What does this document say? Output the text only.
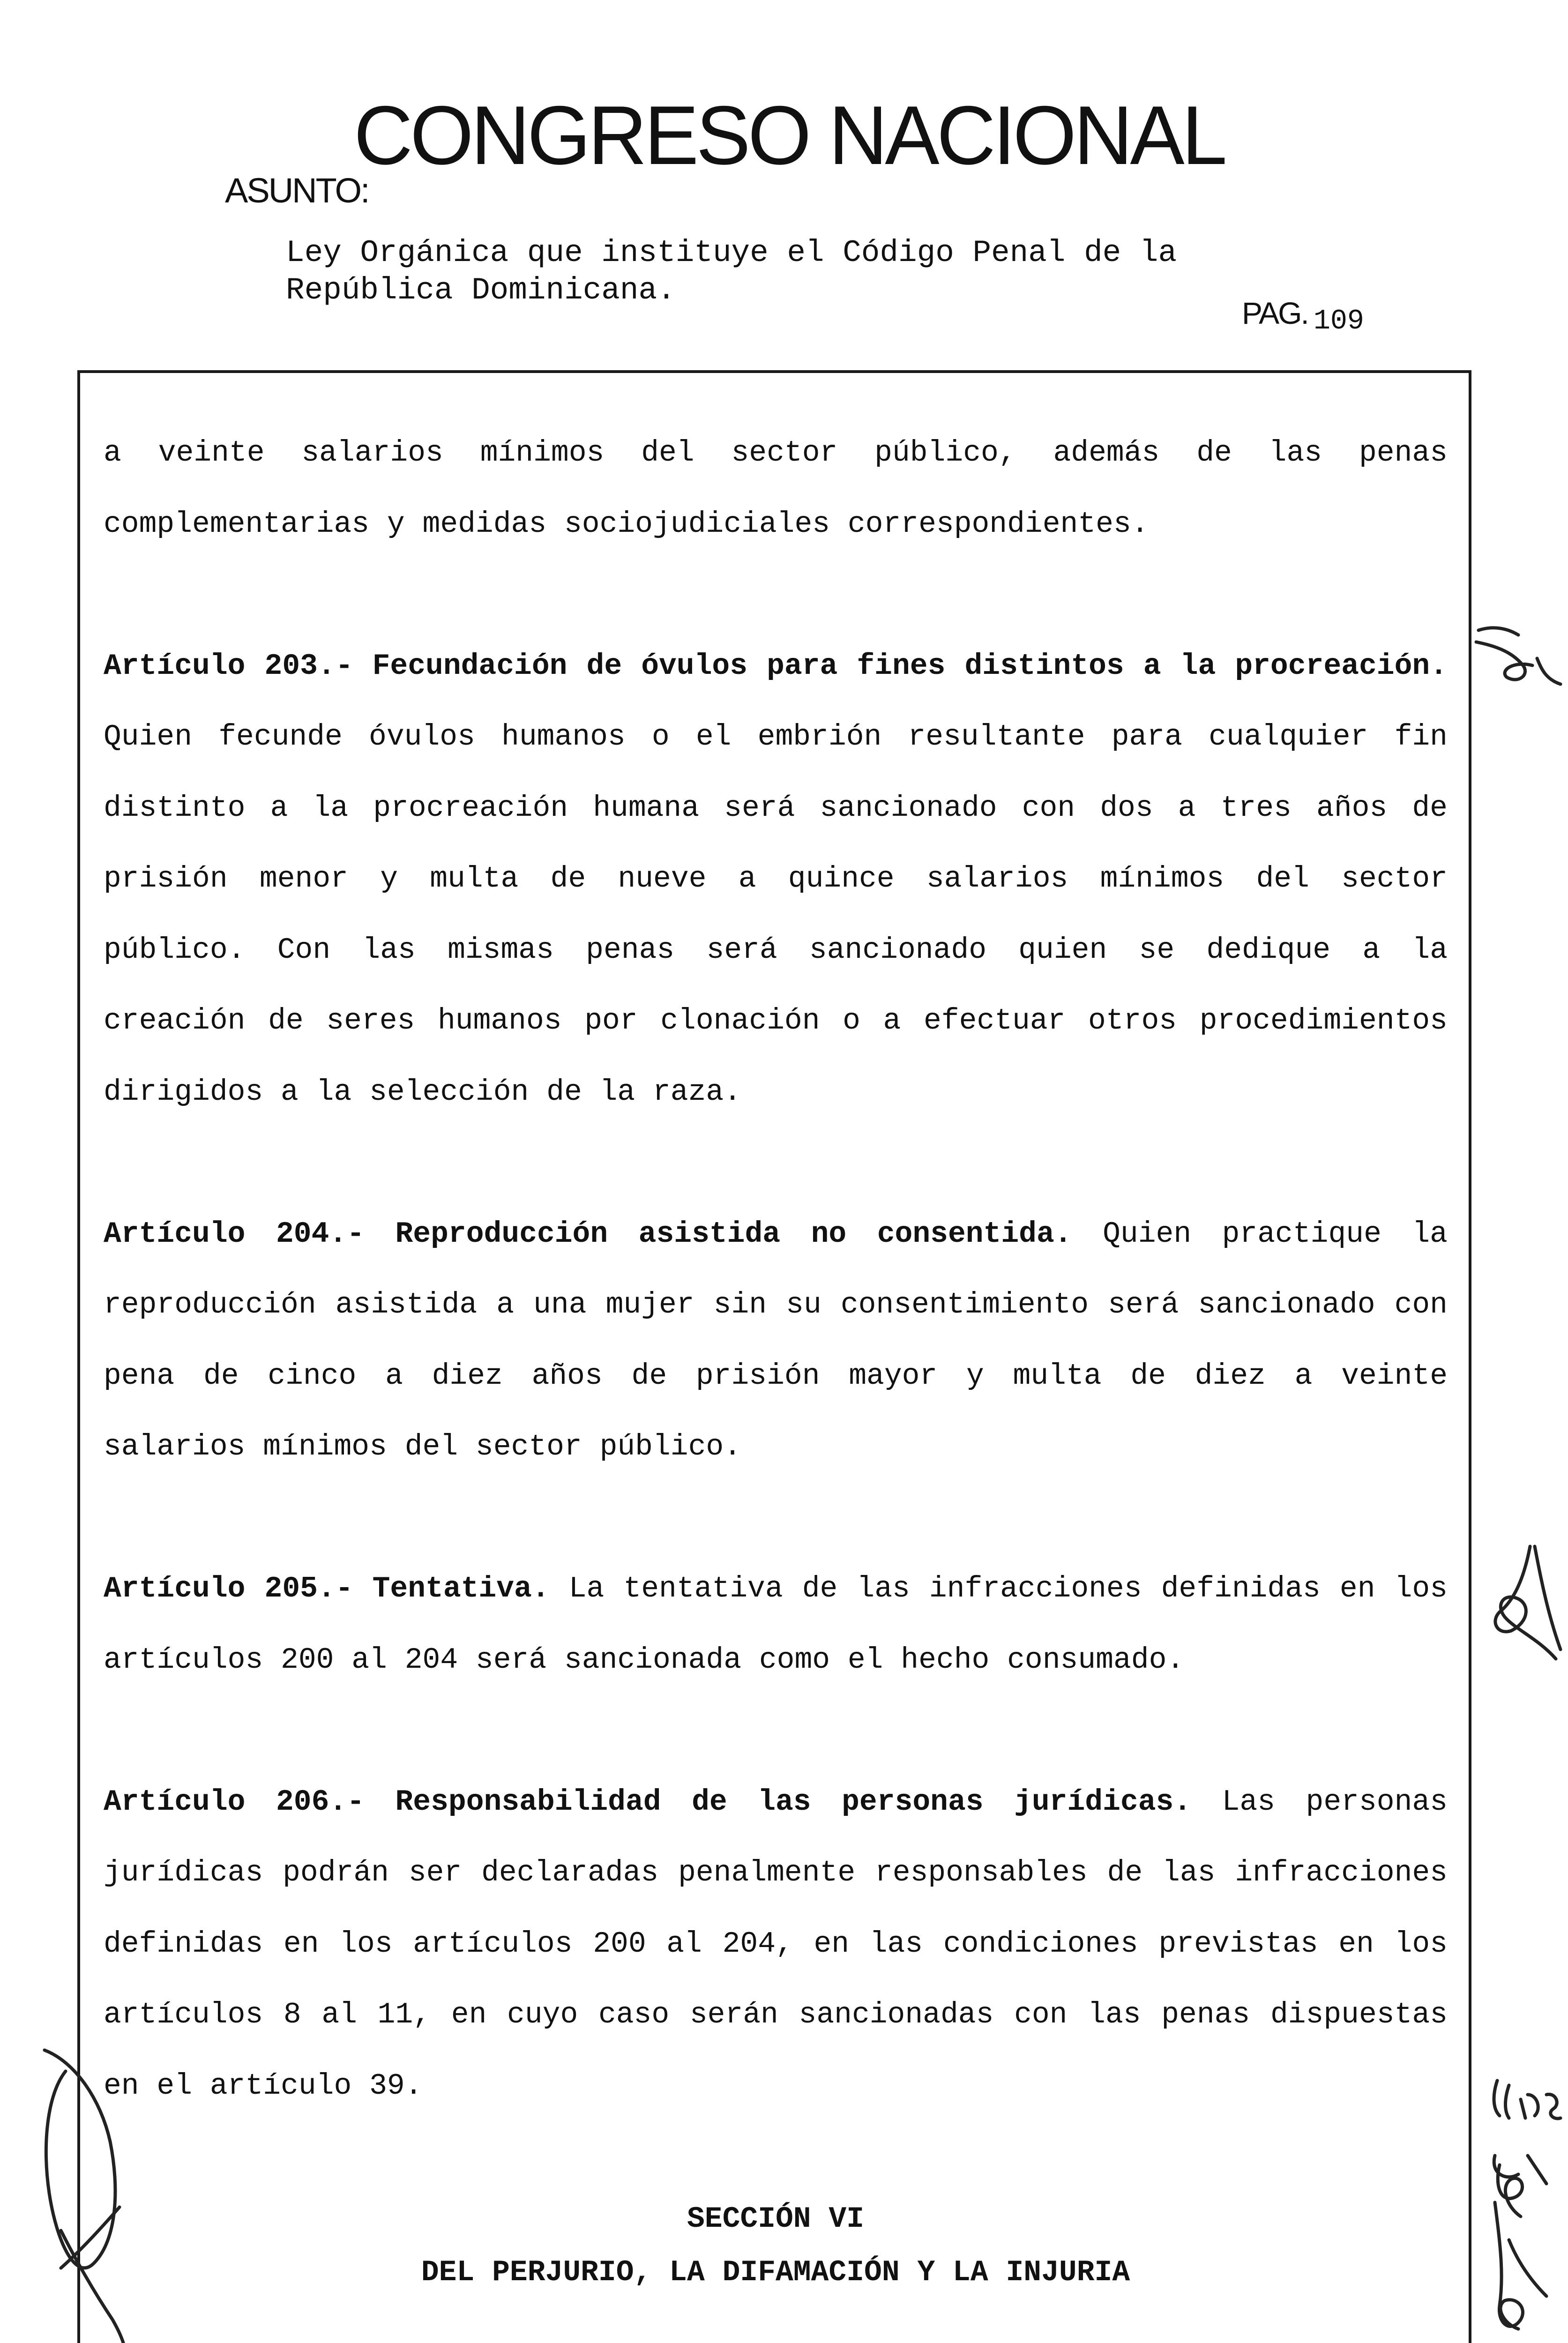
CONGRESO NACIONAL
ASUNTO:
Ley Orgánica que instituye el Código Penal de la
República Dominicana.
PAG. 109

a veinte salarios mínimos del sector público, además de las penas complementarias y medidas sociojudiciales correspondientes.

Artículo 203.- Fecundación de óvulos para fines distintos a la procreación. Quien fecunde óvulos humanos o el embrión resultante para cualquier fin distinto a la procreación humana será sancionado con dos a tres años de prisión menor y multa de nueve a quince salarios mínimos del sector público. Con las mismas penas será sancionado quien se dedique a la creación de seres humanos por clonación o a efectuar otros procedimientos dirigidos a la selección de la raza.

Artículo 204.- Reproducción asistida no consentida. Quien practique la reproducción asistida a una mujer sin su consentimiento será sancionado con pena de cinco a diez años de prisión mayor y multa de diez a veinte salarios mínimos del sector público.

Artículo 205.- Tentativa. La tentativa de las infracciones definidas en los artículos 200 al 204 será sancionada como el hecho consumado.

Artículo 206.- Responsabilidad de las personas jurídicas. Las personas jurídicas podrán ser declaradas penalmente responsables de las infracciones definidas en los artículos 200 al 204, en las condiciones previstas en los artículos 8 al 11, en cuyo caso serán sancionadas con las penas dispuestas en el artículo 39.

SECCIÓN VI
DEL PERJURIO, LA DIFAMACIÓN Y LA INJURIA
